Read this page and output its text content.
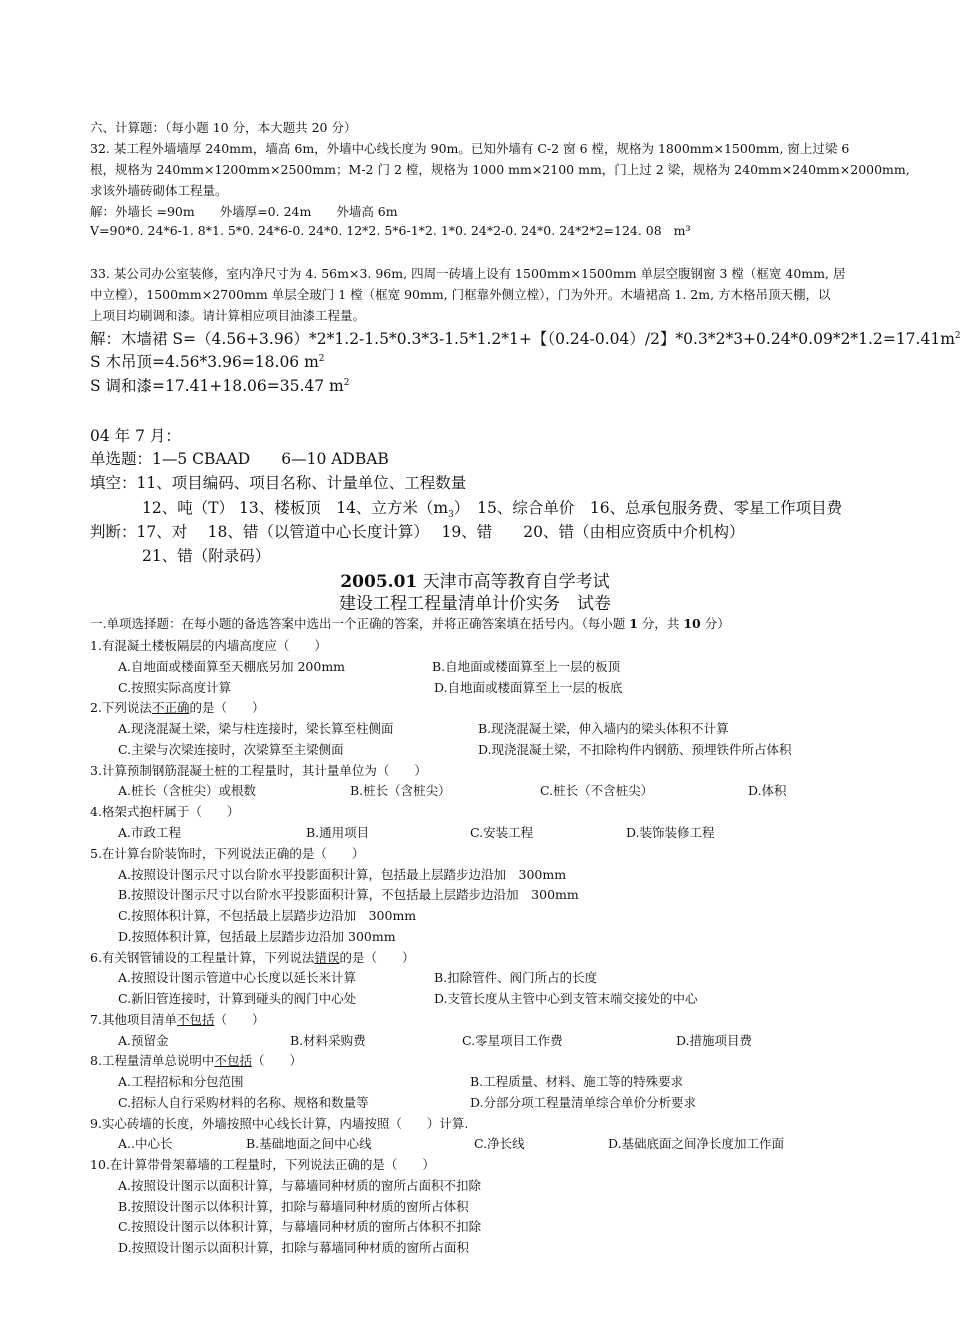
六、计算题：（每小题 10 分，本大题共 20 分）
32. 某工程外墙墙厚 240mm，墙高 6m，外墙中心线长度为 90m。已知外墙有 C-2 窗 6 樘，规格为 1800mm×1500mm, 窗上过梁 6
根，规格为 240mm×1200mm×2500mm；M-2 门 2 樘，规格为 1000 mm×2100 mm，门上过 2 梁，规格为 240mm×240mm×2000mm,
求该外墙砖砌体工程量。
解：外墙长 =90m　　外墙厚=0. 24m　　外墙高 6m
V=90*0. 24*6-1. 8*1. 5*0. 24*6-0. 24*0. 12*2. 5*6-1*2. 1*0. 24*2-0. 24*0. 24*2*2=124. 08 m³
33. 某公司办公室装修，室内净尺寸为 4. 56m×3. 96m, 四周一砖墙上设有 1500mm×1500mm 单层空腹钢窗 3 樘（框宽 40mm, 居
中立樘），1500mm×2700mm 单层全玻门 1 樘（框宽 90mm, 门框靠外侧立樘），门为外开。木墙裙高 1. 2m, 方木格吊顶天棚，以
上项目均刷调和漆。请计算相应项目油漆工程量。
解：木墙裙 S=（4.56+3.96）*2*1.2-1.5*0.3*3-1.5*1.2*1+【（0.24-0.04）/2】$*0.3*2*3+0.24*0.09*2*1.2=17.41m^2$
S 木吊顶=4.56*3.96=18.06 $m^2$
S 调和漆=17.41+18.06=35.47 $m^2$
04 年 7 月：
单选题：1—5 CBAAD　　6—10 ADBAB
填空：11、项目编码、项目名称、计量单位、工程数量
12、吨（T） 13、楼板顶　14、立方米$(m_3)$　15、综合单价　16、总承包服务费、零星工作项目费
判断：17、对　 18、错（以管道中心长度计算）　 19、错　　20、错（由相应资质中介机构）
21、错（附录码）
2005.01 天津市高等教育自学考试
建设工程工程量清单计价实务　试卷
一.单项选择题：在每小题的备选答案中选出一个正确的答案，并将正确答案填在括号内。（每小题 1 分，共 10 分）
1.有混凝土楼板隔层的内墙高度应（　　）
A.自地面或楼面算至天棚底另加 200mm	B.自地面或楼面算至上一层的板顶
C.按照实际高度计算	D.自地面或楼面算至上一层的板底
2.下列说法不正确的是（　　）
A.现浇混凝土梁，梁与柱连接时，梁长算至柱侧面	B.现浇混凝土梁，伸入墙内的梁头体积不计算
C.主梁与次梁连接时，次梁算至主梁侧面	D.现浇混凝土梁，不扣除构件内钢筋、预埋铁件所占体积
3.计算预制钢筋混凝土桩的工程量时，其计量单位为（　　）
A.桩长（含桩尖）或根数	B.桩长（含桩尖）	C.桩长（不含桩尖）	D.体积
4.格架式抱杆属于（　　）
A.市政工程	B.通用项目	C.安装工程	D.装饰装修工程
5.在计算台阶装饰时，下列说法正确的是（　　）
A.按照设计图示尺寸以台阶水平投影面积计算，包括最上层踏步边沿加　300mm
B.按照设计图示尺寸以台阶水平投影面积计算，不包括最上层踏步边沿加　300mm
C.按照体积计算，不包括最上层踏步边沿加　300mm
D.按照体积计算，包括最上层踏步边沿加 300mm
6.有关钢管铺设的工程量计算，下列说法错误的是（　　）
A.按照设计图示管道中心长度以延长米计算	B.扣除管件、阀门所占的长度
C.新旧管连接时，计算到碰头的阀门中心处	D.支管长度从主管中心到支管末端交接处的中心
7.其他项目清单不包括（　　）
A.预留金	B.材料采购费	C.零星项目工作费	D.措施项目费
8.工程量清单总说明中不包括（　　）
A.工程招标和分包范围	B.工程质量、材料、施工等的特殊要求
C.招标人自行采购材料的名称、规格和数量等	D.分部分项工程量清单综合单价分析要求
9.实心砖墙的长度，外墙按照中心线长计算，内墙按照（　　）计算.
A..中心长	B.基础地面之间中心线	C.净长线	D.基础底面之间净长度加工作面
10.在计算带骨架幕墙的工程量时，下列说法正确的是（　　）
A.按照设计图示以面积计算，与幕墙同种材质的窗所占面积不扣除
B.按照设计图示以体积计算，扣除与幕墙同种材质的窗所占体积
C.按照设计图示以体积计算，与幕墙同种材质的窗所占体积不扣除
D.按照设计图示以面积计算，扣除与幕墙同种材质的窗所占面积
